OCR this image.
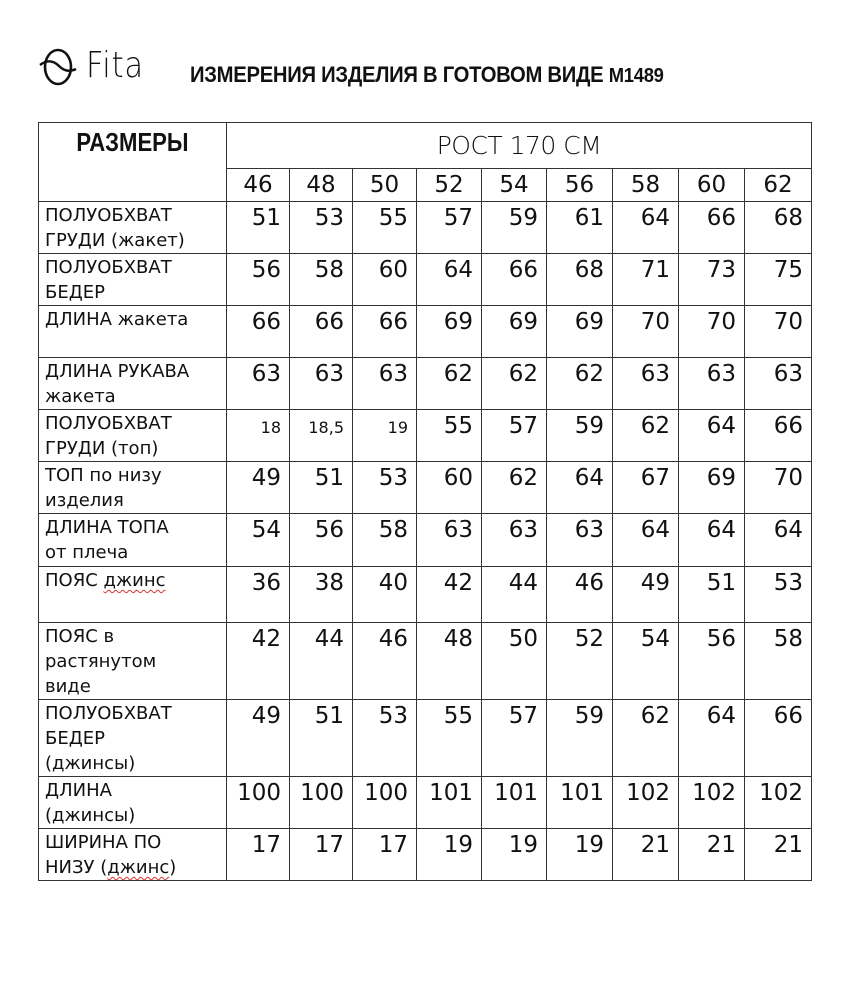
Fita ИЗМЕРЕНИЯ ИЗДЕЛИЯ В ГОТОВОМ ВИДЕ М1489
РАЗМЕРЫ	РОСТ 170 СМ								
	46	48	50	52	54	56	58	60	62
ПОЛУОБХВАТ
ГРУДИ (жакет)	51	53	55	57	59	61	64	66	68
ПОЛУОБХВАТ
БЕДЕР	56	58	60	64	66	68	71	73	75
ДЛИНА жакета	66	66	66	69	69	69	70	70	70
ДЛИНА РУКАВА
жакета	63	63	63	62	62	62	63	63	63
ПОЛУОБХВАТ
ГРУДИ (топ)	18	18,5	19	55	57	59	62	64	66
ТОП по низу
изделия	49	51	53	60	62	64	67	69	70
ДЛИНА ТОПА
от плеча	54	56	58	63	63	63	64	64	64
ПОЯС джинс	36	38	40	42	44	46	49	51	53
ПОЯС в
растянутом
виде	42	44	46	48	50	52	54	56	58
ПОЛУОБХВАТ
БЕДЕР
(джинсы)	49	51	53	55	57	59	62	64	66
ДЛИНА
(джинсы)	100	100	100	101	101	101	102	102	102
ШИРИНА ПО
НИЗУ (джинс)	17	17	17	19	19	19	21	21	21
